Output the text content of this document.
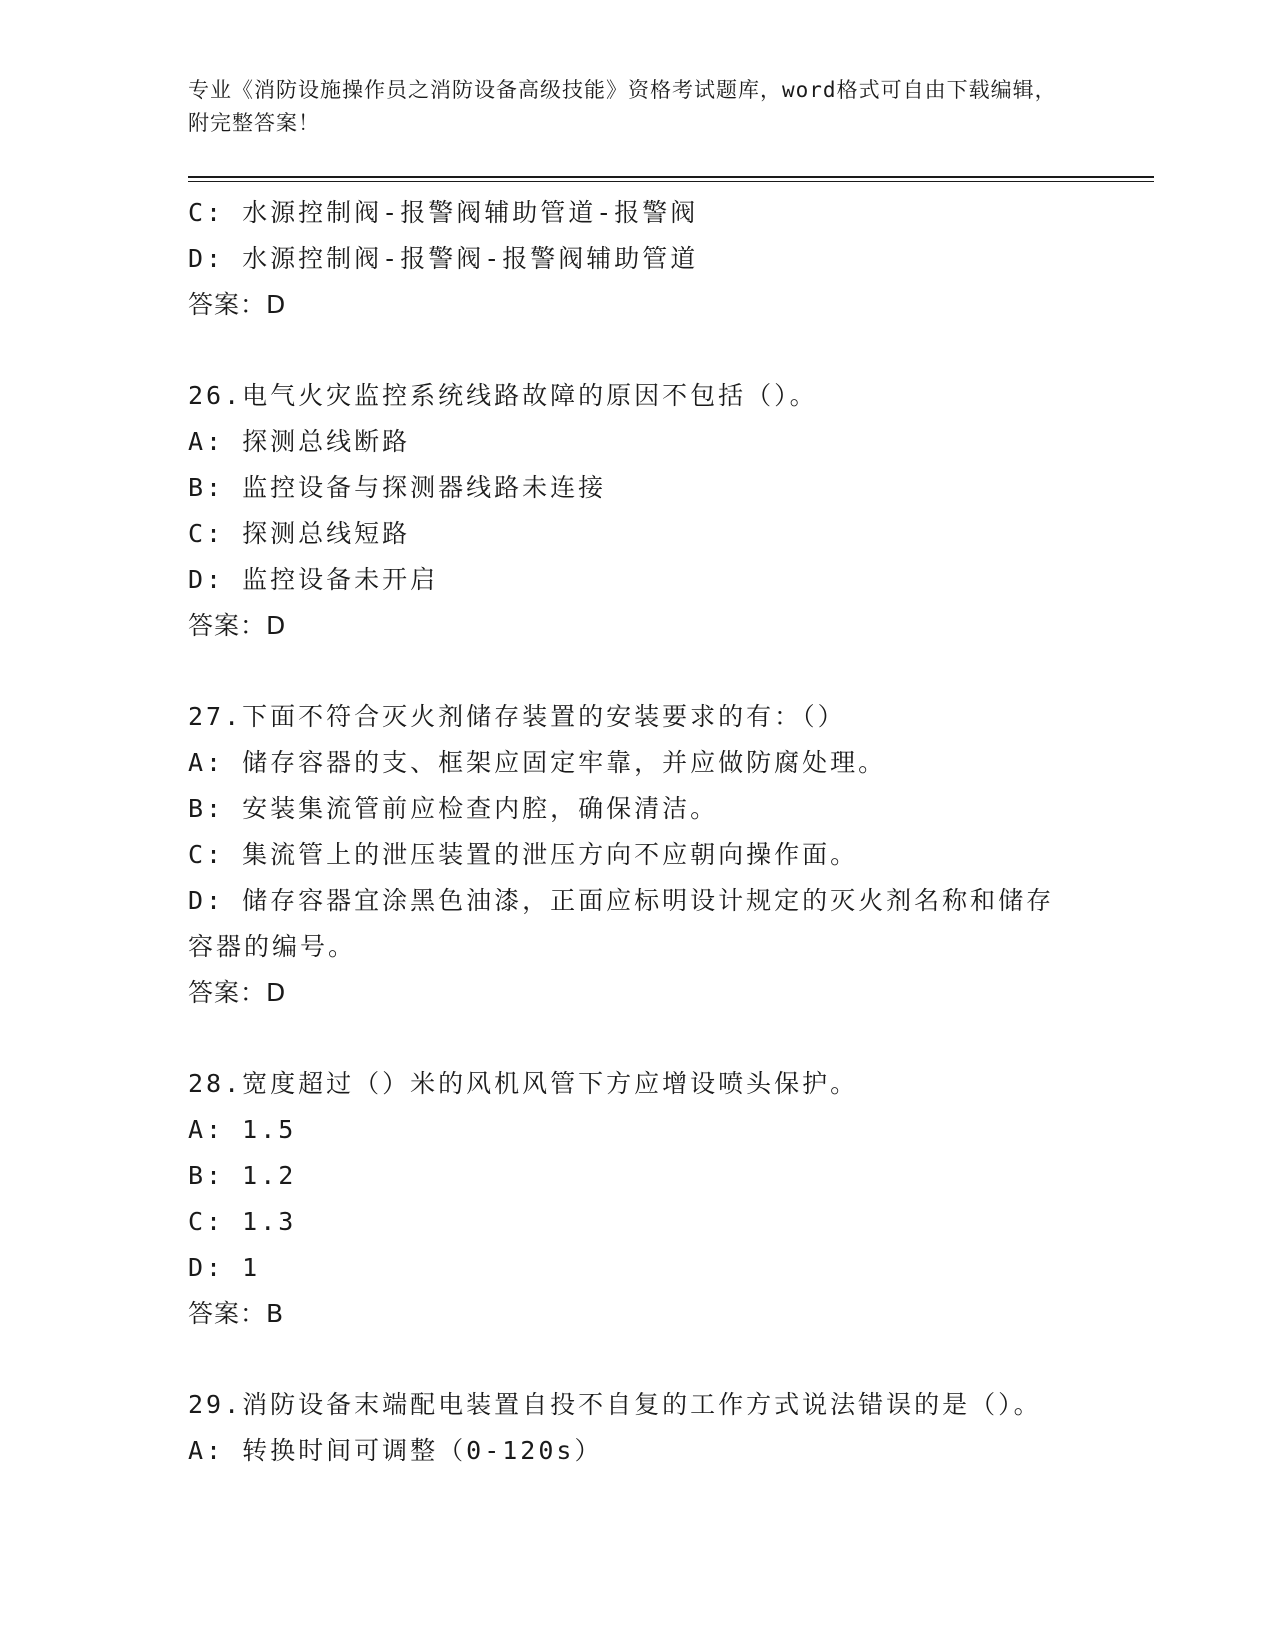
专业《消防设施操作员之消防设备高级技能》资格考试题库，word格式可自由下载编辑，附完整答案！

C: 水源控制阀-报警阀辅助管道-报警阀

D: 水源控制阀-报警阀-报警阀辅助管道

答案：D

26.电气火灾监控系统线路故障的原因不包括（）。

A: 探测总线断路

B: 监控设备与探测器线路未连接

C: 探测总线短路

D: 监控设备未开启

答案：D

27.下面不符合灭火剂储存装置的安装要求的有：（）

A: 储存容器的支、框架应固定牢靠，并应做防腐处理。

B: 安装集流管前应检查内腔，确保清洁。

C: 集流管上的泄压装置的泄压方向不应朝向操作面。

D: 储存容器宜涂黑色油漆，正面应标明设计规定的灭火剂名称和储存容器的编号。

答案：D

28.宽度超过（）米的风机风管下方应增设喷头保护。

A: 1.5

B: 1.2

C: 1.3

D: 1

答案：B

29.消防设备末端配电装置自投不自复的工作方式说法错误的是（）。

A: 转换时间可调整（0-120s）
